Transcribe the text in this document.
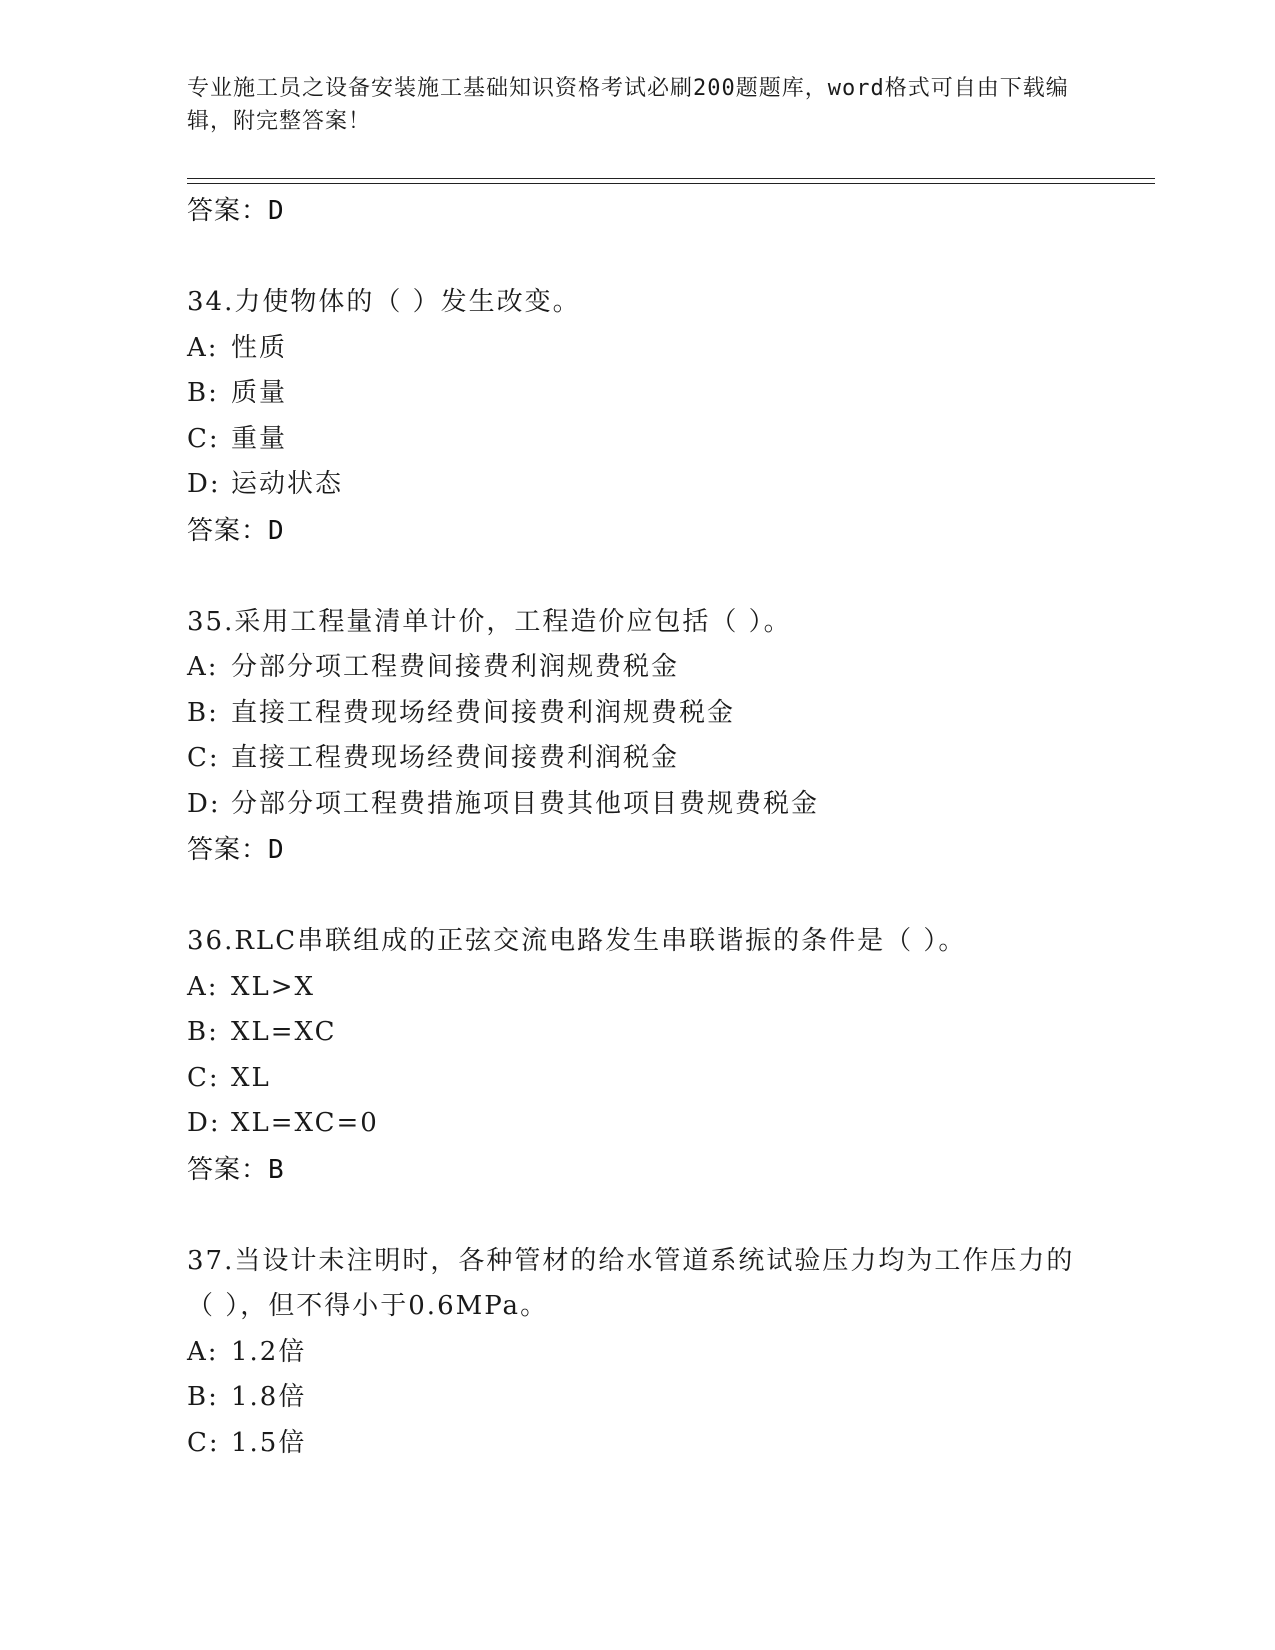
专业施工员之设备安装施工基础知识资格考试必刷200题题库，word格式可自由下载编辑，附完整答案！
答案：D
34.力使物体的（ ）发生改变。
A: 性质
B: 质量
C: 重量
D: 运动状态
答案：D
35.采用工程量清单计价，工程造价应包括（ ）。
A: 分部分项工程费间接费利润规费税金
B: 直接工程费现场经费间接费利润规费税金
C: 直接工程费现场经费间接费利润税金
D: 分部分项工程费措施项目费其他项目费规费税金
答案：D
36.RLC串联组成的正弦交流电路发生串联谐振的条件是（ ）。
A: XL>X
B: XL=XC
C: XL
D: XL=XC=0
答案：B
37.当设计未注明时，各种管材的给水管道系统试验压力均为工作压力的（ ），但不得小于0.6MPa。
A: 1.2倍
B: 1.8倍
C: 1.5倍
